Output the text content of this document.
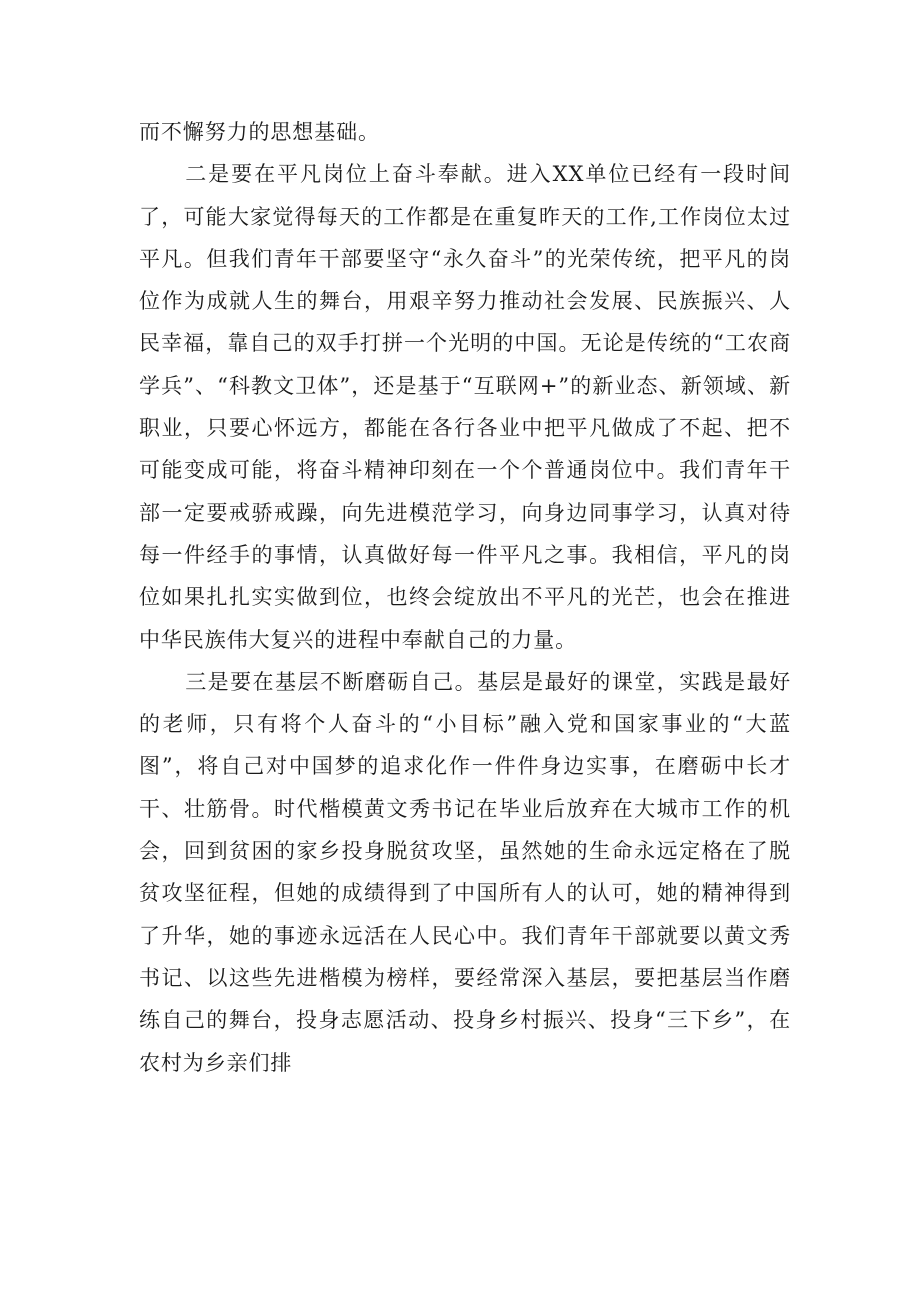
而不懈努力的思想基础。

二是要在平凡岗位上奋斗奉献。进入XX单位已经有一段时间了，可能大家觉得每天的工作都是在重复昨天的工作,工作岗位太过平凡。但我们青年干部要坚守“永久奋斗”的光荣传统，把平凡的岗位作为成就人生的舞台，用艰辛努力推动社会发展、民族振兴、人民幸福，靠自己的双手打拼一个光明的中国。无论是传统的“工农商学兵”、“科教文卫体”，还是基于“互联网+”的新业态、新领域、新职业，只要心怀远方，都能在各行各业中把平凡做成了不起、把不可能变成可能，将奋斗精神印刻在一个个普通岗位中。我们青年干部一定要戒骄戒躁，向先进模范学习，向身边同事学习，认真对待每一件经手的事情，认真做好每一件平凡之事。我相信，平凡的岗位如果扎扎实实做到位，也终会绽放出不平凡的光芒，也会在推进中华民族伟大复兴的进程中奉献自己的力量。

三是要在基层不断磨砺自己。基层是最好的课堂，实践是最好的老师，只有将个人奋斗的“小目标”融入党和国家事业的“大蓝图”，将自己对中国梦的追求化作一件件身边实事，在磨砺中长才干、壮筋骨。时代楷模黄文秀书记在毕业后放弃在大城市工作的机会，回到贫困的家乡投身脱贫攻坚，虽然她的生命永远定格在了脱贫攻坚征程，但她的成绩得到了中国所有人的认可，她的精神得到了升华，她的事迹永远活在人民心中。我们青年干部就要以黄文秀书记、以这些先进楷模为榜样，要经常深入基层，要把基层当作磨练自己的舞台，投身志愿活动、投身乡村振兴、投身“三下乡”，在农村为乡亲们排
